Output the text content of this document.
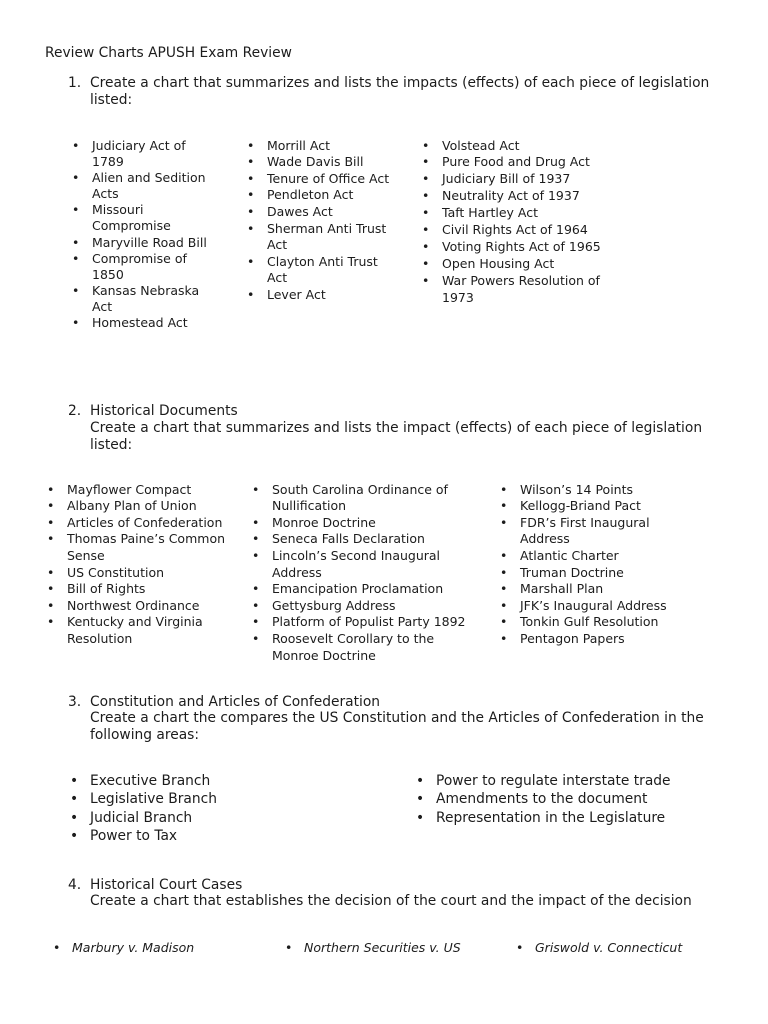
Review Charts APUSH Exam Review
1. Create a chart that summarizes and lists the impacts (effects) of each piece of legislation listed:
• Judiciary Act of 1789
• Alien and Sedition Acts
• Missouri Compromise
• Maryville Road Bill
• Compromise of 1850
• Kansas Nebraska Act
• Homestead Act
• Morrill Act
• Wade Davis Bill
• Tenure of Office Act
• Pendleton Act
• Dawes Act
• Sherman Anti Trust Act
• Clayton Anti Trust Act
• Lever Act
• Volstead Act
• Pure Food and Drug Act
• Judiciary Bill of 1937
• Neutrality Act of 1937
• Taft Hartley Act
• Civil Rights Act of 1964
• Voting Rights Act of 1965
• Open Housing Act
• War Powers Resolution of 1973
2. Historical Documents
Create a chart that summarizes and lists the impact (effects) of each piece of legislation listed:
• Mayflower Compact
• Albany Plan of Union
• Articles of Confederation
• Thomas Paine’s Common Sense
• US Constitution
• Bill of Rights
• Northwest Ordinance
• Kentucky and Virginia Resolution
• South Carolina Ordinance of Nullification
• Monroe Doctrine
• Seneca Falls Declaration
• Lincoln’s Second Inaugural Address
• Emancipation Proclamation
• Gettysburg Address
• Platform of Populist Party 1892
• Roosevelt Corollary to the Monroe Doctrine
• Wilson’s 14 Points
• Kellogg-Briand Pact
• FDR’s First Inaugural Address
• Atlantic Charter
• Truman Doctrine
• Marshall Plan
• JFK’s Inaugural Address
• Tonkin Gulf Resolution
• Pentagon Papers
3. Constitution and Articles of Confederation
Create a chart the compares the US Constitution and the Articles of Confederation in the following areas:
• Executive Branch
• Legislative Branch
• Judicial Branch
• Power to Tax
• Power to regulate interstate trade
• Amendments to the document
• Representation in the Legislature
4. Historical Court Cases
Create a chart that establishes the decision of the court and the impact of the decision
• Marbury v. Madison	• Northern Securities v. US	• Griswold v. Connecticut
